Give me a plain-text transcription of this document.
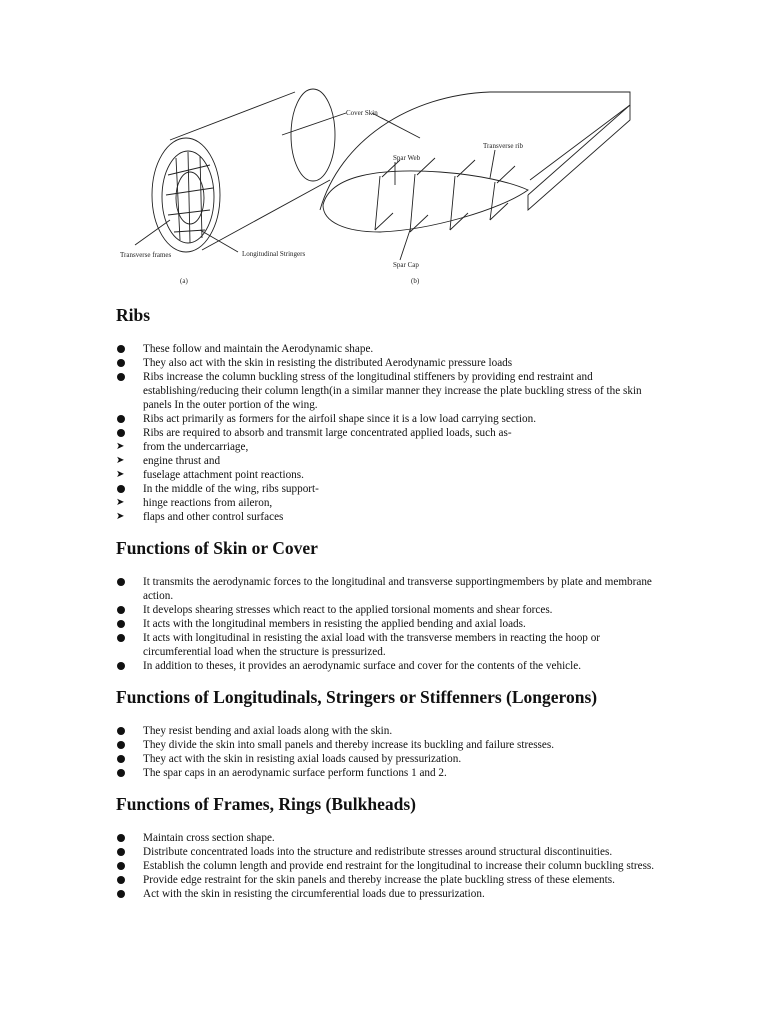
Cover Skin
Transverse rib
Spar Web
Transverse frames	Longitudinal Stringers
Spar Cap
(a)	(b)
Ribs
These follow and maintain the Aerodynamic shape.
They also act with the skin in resisting the distributed Aerodynamic pressure loads
Ribs increase the column buckling stress of the longitudinal stiffeners by providing end restraint and establishing/reducing their column length(in a similar manner they increase the plate buckling stress of the skin panels In the outer portion of the wing.
Ribs act primarily as formers for the airfoil shape since it is a low load carrying section.
Ribs are required to absorb and transmit large concentrated applied loads, such as-
➤ from the undercarriage,
➤ engine thrust and
➤ fuselage attachment point reactions.
In the middle of the wing, ribs support-
➤ hinge reactions from aileron,
➤ flaps and other control surfaces
Functions of Skin or Cover
It transmits the aerodynamic forces to the longitudinal and transverse supportingmembers by plate and membrane action.
It develops shearing stresses which react to the applied torsional moments and shear forces.
It acts with the longitudinal members in resisting the applied bending and axial loads.
It acts with longitudinal in resisting the axial load with the transverse members in reacting the hoop or circumferential load when the structure is pressurized.
In addition to theses, it provides an aerodynamic surface and cover for the contents of the vehicle.
Functions of Longitudinals, Stringers or Stiffenners (Longerons)
They resist bending and axial loads along with the skin.
They divide the skin into small panels and thereby increase its buckling and failure stresses.
They act with the skin in resisting axial loads caused by pressurization.
The spar caps in an aerodynamic surface perform functions 1 and 2.
Functions of Frames, Rings (Bulkheads)
Maintain cross section shape.
Distribute concentrated loads into the structure and redistribute stresses around structural discontinuities.
Establish the column length and provide end restraint for the longitudinal to increase their column buckling stress.
Provide edge restraint for the skin panels and thereby increase the plate buckling stress of these elements.
Act with the skin in resisting the circumferential loads due to pressurization.
